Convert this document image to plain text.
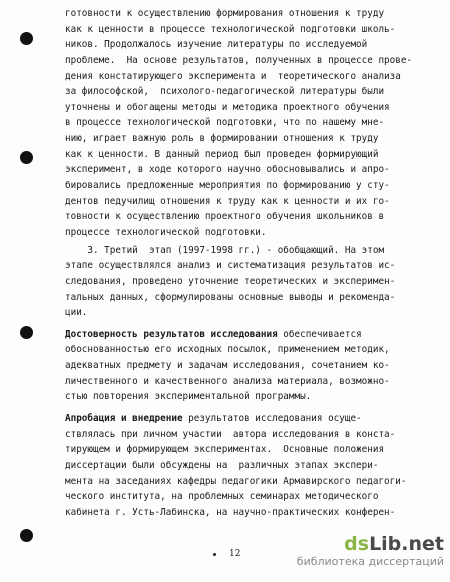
готовности к осуществлению формирования отношения к труду
как к ценности в процессе технологической подготовки школь-
ников. Продолжалось изучение литературы по исследуемой
проблеме.  На основе результатов, полученных в процессе прове-
дения констатирующего эксперимента и  теоретического анализа
за философской,  психолого-педагогической литературы были
уточнены и обогащены методы и методика проектного обучения
в процессе технологической подготовки, что по нашему мне-
нию, играет важную роль в формировании отношения к труду
как к ценности. В данный период был проведен формирующий
эксперимент, в ходе которого научно обосновывались и апро-
бировались предложенные мероприятия по формированию у сту-
дентов педучилищ отношения к труду как к ценности и их го-
товности к осуществлению проектного обучения школьников в
процессе технологической подготовки.
3. Третий  этап (1997-1998 гг.) - обобщающий. На этом
этапе осуществлялся анализ и систематизация результатов ис-
следования, проведено уточнение теоретических и эксперимен-
тальных данных, сформулированы основные выводы и рекоменда-
ции.
Достоверность результатов исследования обеспечивается
обоснованностью его исходных посылок, применением методик,
адекватных предмету и задачам исследования, сочетанием ко-
личественного и качественного анализа материала, возможно-
стью повторения экспериментальной программы.
Апробация и внедрение результатов исследования осуще-
ствлялась при личном участии  автора исследования в конста-
тирующем и формирующем экспериментах.  Основные положения
диссертации были обсуждены на  различных этапах экспери-
мента на заседаниях кафедры педагогики Армавирского педагоги-
ческого института, на проблемных семинарах методического
кабинета г. Усть-Лабинска, на научно-практических конферен-
12	dsLib.net
библиотека диссертаций
